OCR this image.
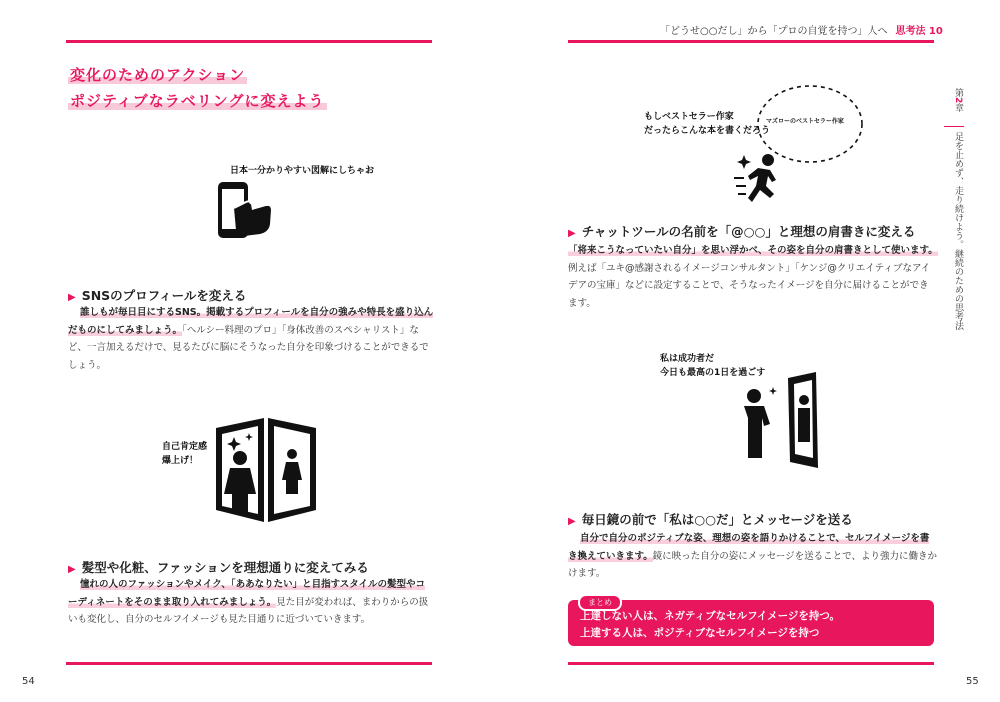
変化のためのアクション
ポジティブなラベリングに変えよう
日本一分かりやすい図解にしちゃお
▶ SNSのプロフィールを変える
誰しもが毎日目にするSNS。掲載するプロフィールを自分の強みや特長を盛り込んだものにしてみましょう。「ヘルシー料理のプロ」「身体改善のスペシャリスト」など、一言加えるだけで、見るたびに脳にそうなった自分を印象づけることができるでしょう。
自己肯定感
爆上げ！
▶ 髪型や化粧、ファッションを理想通りに変えてみる
憧れの人のファッションやメイク、「ああなりたい」と目指すスタイルの髪型やコーディネートをそのまま取り入れてみましょう。見た目が変われば、まわりからの扱いも変化し、自分のセルフイメージも見た目通りに近づいていきます。
54
「どうせ○○だし」から「プロの自覚を持つ」人へ 思考法 10
マズローのベストセラー作家
もしベストセラー作家
だったらこんな本を書くだろう
▶ チャットツールの名前を「@○○」と理想の肩書きに変える
「将来こうなっていたい自分」を思い浮かべ、その姿を自分の肩書きとして使います。例えば「ユキ@感謝されるイメージコンサルタント」「ケンジ@クリエイティブなアイデアの宝庫」などに設定することで、そうなったイメージを自分に届けることができます。
私は成功者だ
今日も最高の1日を過ごす
▶ 毎日鏡の前で「私は○○だ」とメッセージを送る
自分で自分のポジティブな姿、理想の姿を語りかけることで、セルフイメージを書き換えていきます。鏡に映った自分の姿にメッセージを送ることで、より強力に働きかけます。
55
まとめ
上達しない人は、ネガティブなセルフイメージを持つ。
上達する人は、ポジティブなセルフイメージを持つ
第2章
足を止めず、走り続けよう。継続のための思考法
